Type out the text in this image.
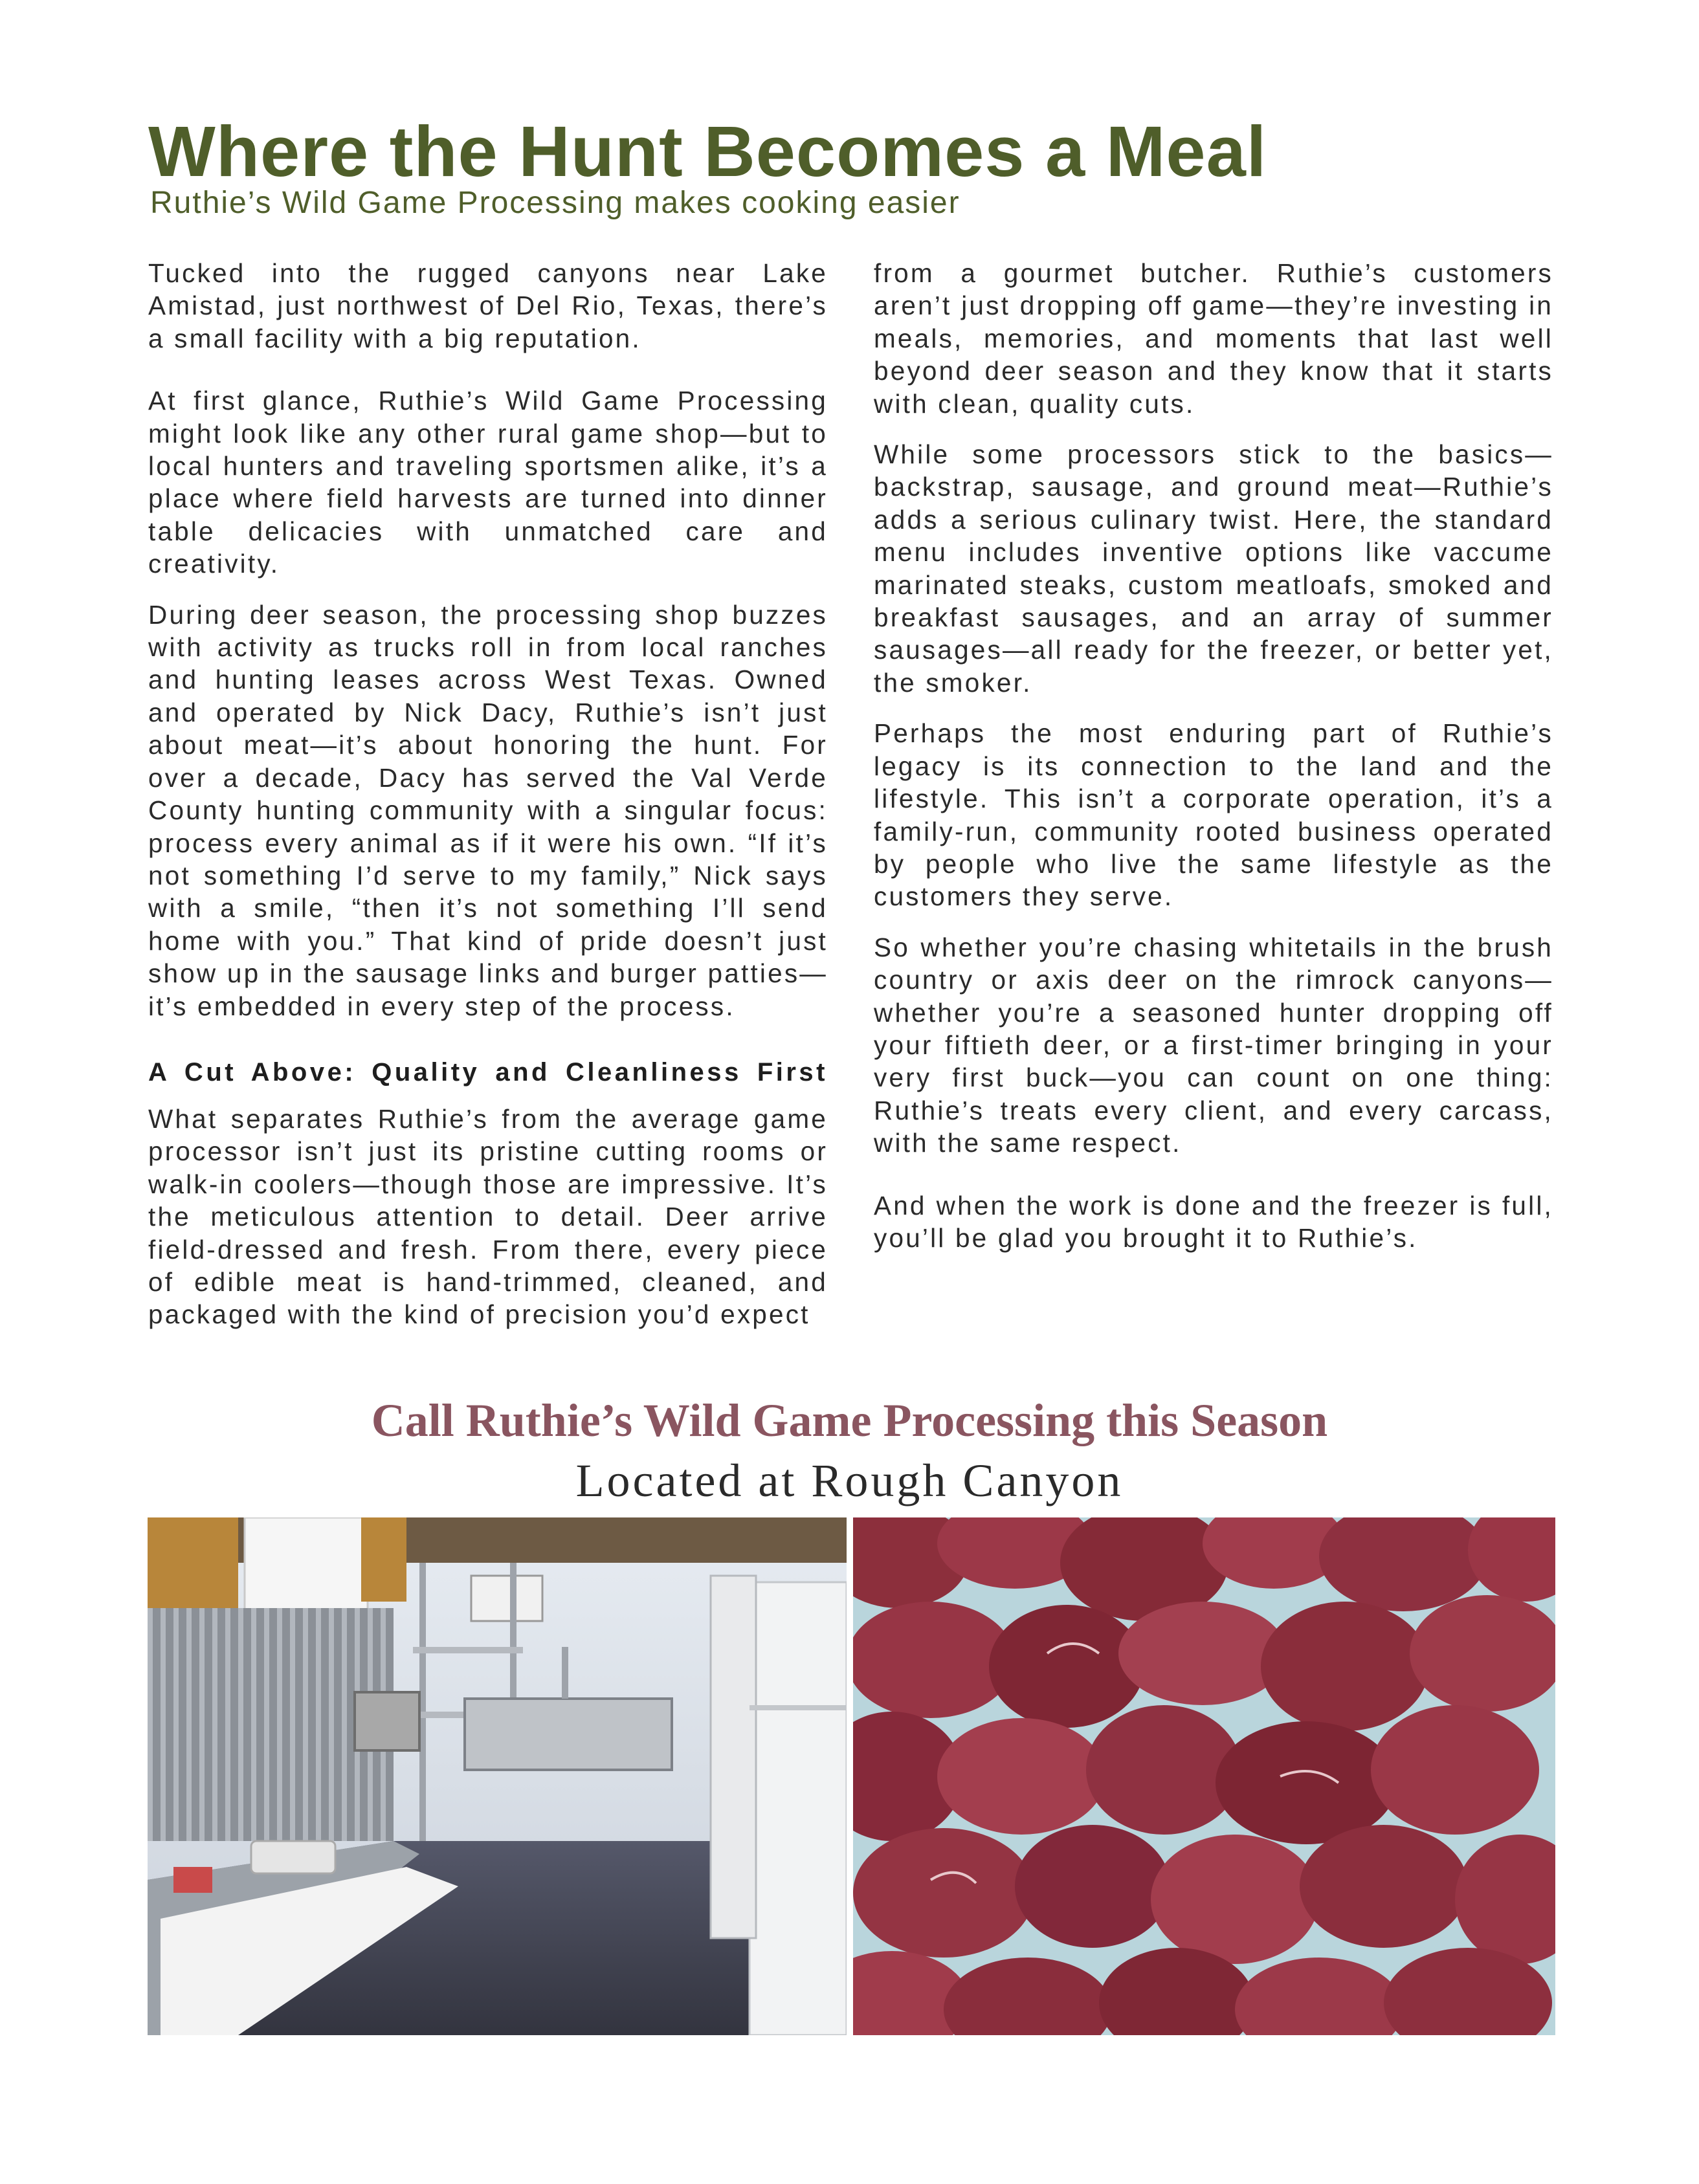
Where the Hunt Becomes a Meal
Ruthie’s Wild Game Processing makes cooking easier

Tucked into the rugged canyons near Lake Amistad, just northwest of Del Rio, Texas, there’s a small facility with a big reputation.

At first glance, Ruthie’s Wild Game Processing might look like any other rural game shop—but to local hunters and traveling sportsmen alike, it’s a place where field harvests are turned into dinner table delicacies with unmatched care and creativity.

During deer season, the processing shop buzzes with activity as trucks roll in from local ranches and hunting leases across West Texas. Owned and operated by Nick Dacy, Ruthie’s isn’t just about meat—it’s about honoring the hunt. For over a decade, Dacy has served the Val Verde County hunting community with a singular focus: process every animal as if it were his own. “If it’s not something I’d serve to my family,” Nick says with a smile, “then it’s not something I’ll send home with you.” That kind of pride doesn’t just show up in the sausage links and burger patties—it’s embedded in every step of the process.

A Cut Above: Quality and Cleanliness First

What separates Ruthie’s from the average game processor isn’t just its pristine cutting rooms or walk-in coolers—though those are impressive. It’s the meticulous attention to detail. Deer arrive field-dressed and fresh. From there, every piece of edible meat is hand-trimmed, cleaned, and packaged with the kind of precision you’d expect

from a gourmet butcher. Ruthie’s customers aren’t just dropping off game—they’re investing in meals, memories, and moments that last well beyond deer season and they know that it starts with clean, quality cuts.

While some processors stick to the basics—backstrap, sausage, and ground meat—Ruthie’s adds a serious culinary twist. Here, the standard menu includes inventive options like vaccume marinated steaks, custom meatloafs, smoked and breakfast sausages, and an array of summer sausages—all ready for the freezer, or better yet, the smoker.

Perhaps the most enduring part of Ruthie’s legacy is its connection to the land and the lifestyle. This isn’t a corporate operation, it’s a family-run, community rooted business operated by people who live the same lifestyle as the customers they serve.

So whether you’re chasing whitetails in the brush country or axis deer on the rimrock canyons—whether you’re a seasoned hunter dropping off your fiftieth deer, or a first-timer bringing in your very first buck—you can count on one thing: Ruthie’s treats every client, and every carcass, with the same respect.

And when the work is done and the freezer is full, you’ll be glad you brought it to Ruthie’s.

Call Ruthie’s Wild Game Processing this Season
Located at Rough Canyon
